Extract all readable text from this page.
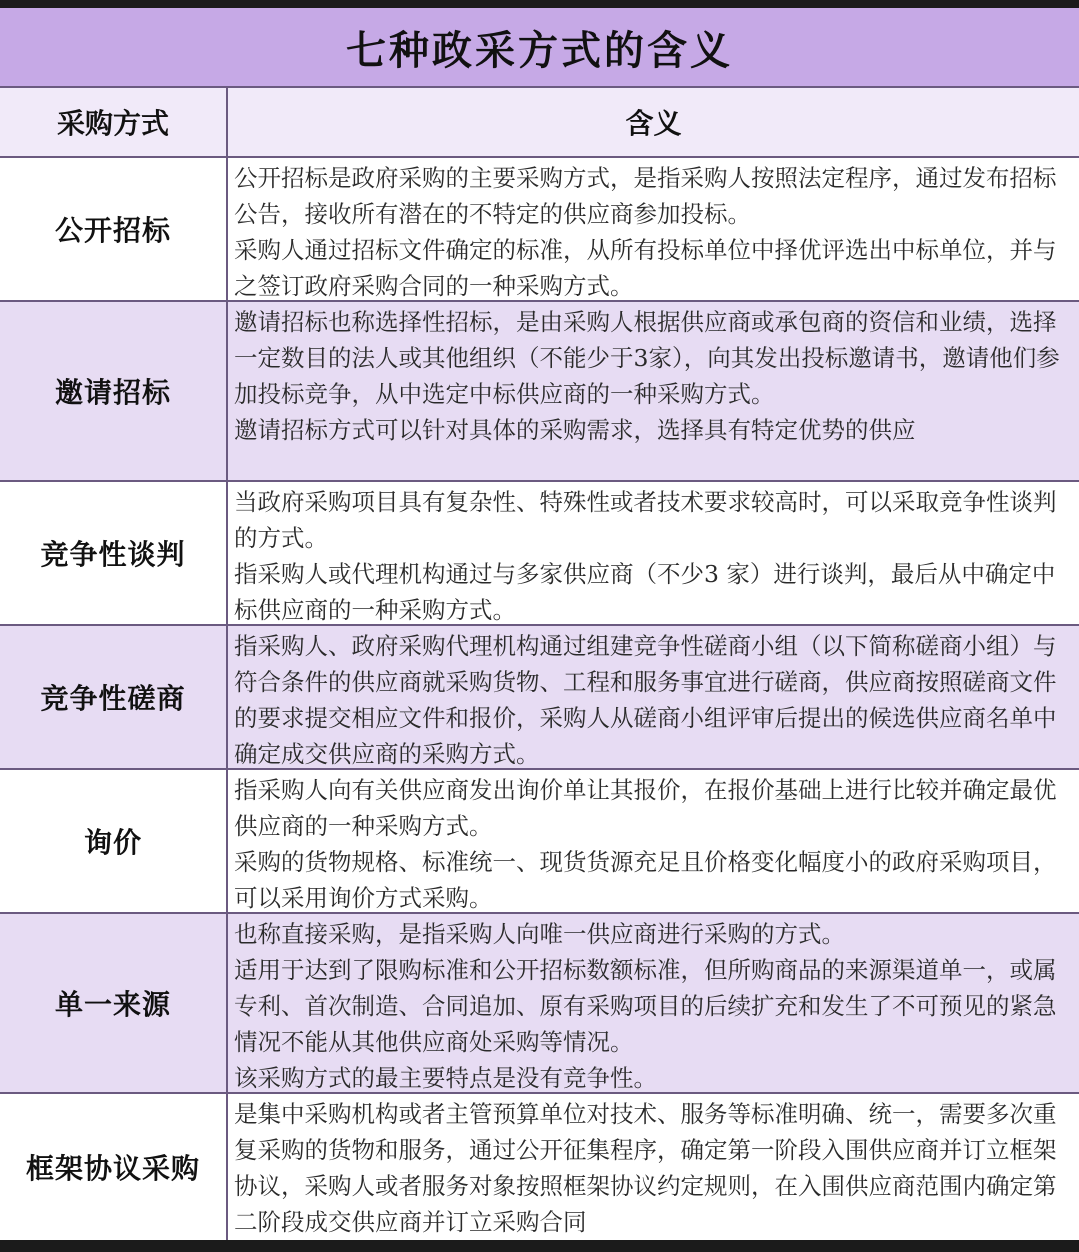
七种政采方式的含义
采购方式	含义
公开招标

公开招标是政府采购的主要采购方式，是指采购人按照法定程序，通过发布招标公告，接收所有潜在的不特定的供应商参加投标。

采购人通过招标文件确定的标准，从所有投标单位中择优评选出中标单位，并与之签订政府采购合同的一种采购方式。

邀请招标

邀请招标也称选择性招标，是由采购人根据供应商或承包商的资信和业绩，选择一定数目的法人或其他组织（不能少于3家），向其发出投标邀请书，邀请他们参加投标竞争，从中选定中标供应商的一种采购方式。

邀请招标方式可以针对具体的采购需求，选择具有特定优势的供应

竞争性谈判

当政府采购项目具有复杂性、特殊性或者技术要求较高时，可以采取竞争性谈判的方式。

指采购人或代理机构通过与多家供应商（不少3 家）进行谈判，最后从中确定中标供应商的一种采购方式。

竞争性磋商

指采购人、政府采购代理机构通过组建竞争性磋商小组（以下简称磋商小组）与符合条件的供应商就采购货物、工程和服务事宜进行磋商，供应商按照磋商文件的要求提交相应文件和报价，采购人从磋商小组评审后提出的候选供应商名单中确定成交供应商的采购方式。

询价

指采购人向有关供应商发出询价单让其报价，在报价基础上进行比较并确定最优供应商的一种采购方式。

采购的货物规格、标准统一、现货货源充足且价格变化幅度小的政府采购项目，可以采用询价方式采购。

单一来源

也称直接采购，是指采购人向唯一供应商进行采购的方式。

适用于达到了限购标准和公开招标数额标准，但所购商品的来源渠道单一，或属专利、首次制造、合同追加、原有采购项目的后续扩充和发生了不可预见的紧急情况不能从其他供应商处采购等情况。

该采购方式的最主要特点是没有竞争性。

框架协议采购

是集中采购机构或者主管预算单位对技术、服务等标准明确、统一，需要多次重复采购的货物和服务，通过公开征集程序，确定第一阶段入围供应商并订立框架协议，采购人或者服务对象按照框架协议约定规则，在入围供应商范围内确定第二阶段成交供应商并订立采购合同
